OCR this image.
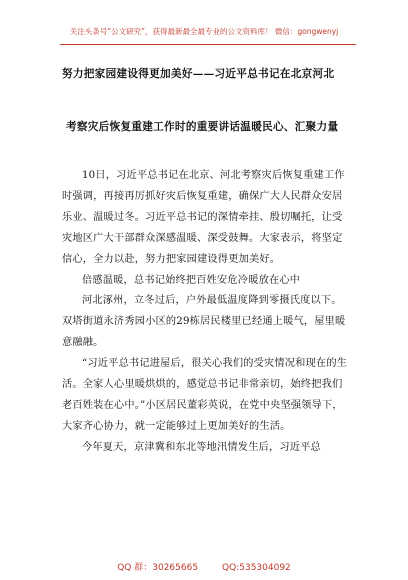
关注头条号“公文研究”，获得最新最全最专业的公文资料库！ 微信：gongwenyj
努力把家园建设得更加美好——习近平总书记在北京河北
考察灾后恢复重建工作时的重要讲话温暖民心、汇聚力量

10日，习近平总书记在北京、河北考察灾后恢复重建工作时强调，再接再厉抓好灾后恢复重建，确保广大人民群众安居乐业、温暖过冬。习近平总书记的深情牵挂、殷切嘱托，让受灾地区广大干部群众深感温暖、深受鼓舞。大家表示，将坚定信心，全力以赴，努力把家园建设得更加美好。

倍感温暖，总书记始终把百姓安危冷暖放在心中

河北涿州，立冬过后，户外最低温度降到零摄氏度以下。双塔街道永济秀园小区的29栋居民楼里已经通上暖气，屋里暖意融融。

“习近平总书记进屋后，很关心我们的受灾情况和现在的生活。全家人心里暖烘烘的，感觉总书记非常亲切，始终把我们老百姓装在心中。”小区居民董彩英说，在党中央坚强领导下，大家齐心协力，就一定能够过上更加美好的生活。

今年夏天，京津冀和东北等地汛情发生后，习近平总

QQ 群：30265665	QQ:535304092
